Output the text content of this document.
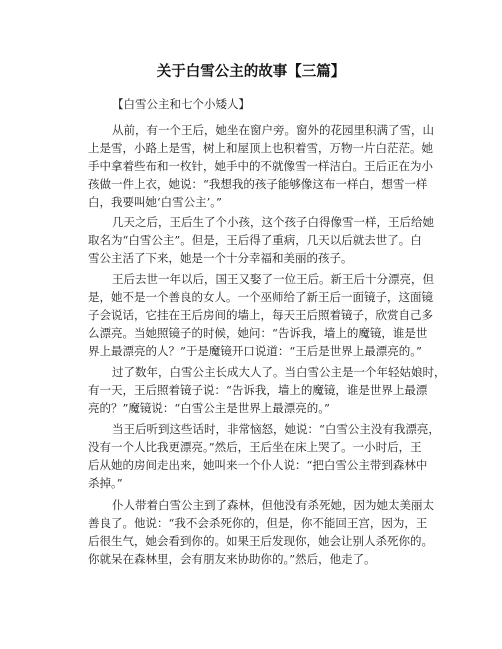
关于白雪公主的故事【三篇】
【白雪公主和七个小矮人】
从前，有一个王后，她坐在窗户旁。窗外的花园里积满了雪，山
上是雪，小路上是雪，树上和屋顶上也积着雪，万物一片白茫茫。她
手中拿着些布和一枚针，她手中的不就像雪一样洁白。王后正在为小
孩做一件上衣，她说：“我想我的孩子能够像这布一样白，想雪一样
白，我要叫她‘白雪公主’。”
几天之后，王后生了个小孩，这个孩子白得像雪一样，王后给她
取名为“白雪公主”。但是，王后得了重病，几天以后就去世了。白
雪公主活了下来，她是一个十分幸福和美丽的孩子。
王后去世一年以后，国王又娶了一位王后。新王后十分漂亮，但
是，她不是一个善良的女人。一个巫师给了新王后一面镜子，这面镜
子会说话，它挂在王后房间的墙上，每天王后照着镜子，欣赏自己多
么漂亮。当她照镜子的时候，她问：“告诉我，墙上的魔镜，谁是世
界上最漂亮的人？”于是魔镜开口说道：“王后是世界上最漂亮的。”
过了数年，白雪公主长成大人了。当白雪公主是一个年轻姑娘时，
有一天，王后照着镜子说：“告诉我，墙上的魔镜，谁是世界上最漂
亮的？”魔镜说：“白雪公主是世界上最漂亮的。”
当王后听到这些话时，非常恼怒，她说：“白雪公主没有我漂亮，
没有一个人比我更漂亮。”然后，王后坐在床上哭了。一小时后，王
后从她的房间走出来，她叫来一个仆人说：“把白雪公主带到森林中
杀掉。”
仆人带着白雪公主到了森林，但他没有杀死她，因为她太美丽太
善良了。他说：“我不会杀死你的，但是，你不能回王宫，因为，王
后很生气，她会看到你的。如果王后发现你，她会让别人杀死你的。
你就呆在森林里，会有朋友来协助你的。”然后，他走了。
